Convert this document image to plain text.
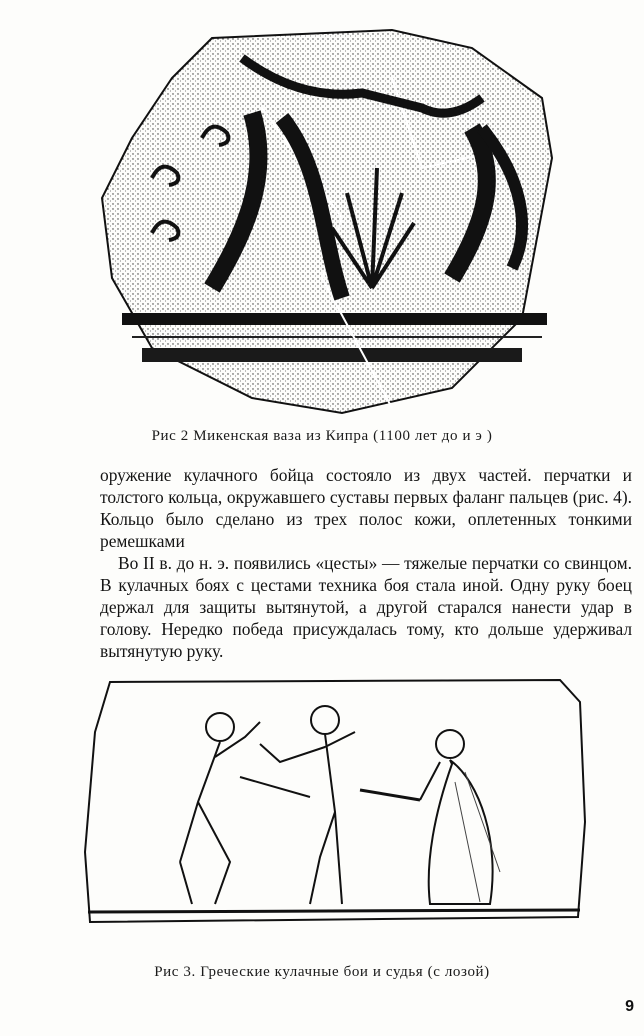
Рис 2 Микенская ваза из Кипра (1100 лет до и э )

оружение кулачного бойца состояло из двух частей. перчатки и толстого кольца, окружавшего суставы первых фаланг пальцев (рис. 4). Кольцо было сделано из трех полос кожи, оплетенных тонкими ремешками

Во II в. до н. э. появились «цесты» — тяжелые перчатки со свинцом. В кулачных боях с цестами техника боя стала иной. Одну руку боец держал для защиты вытянутой, а другой старался нанести удар в голову. Нередко победа присуждалась тому, кто дольше удерживал вытянутую руку.

Рис 3. Греческие кулачные бои и судья (с лозой)
9
